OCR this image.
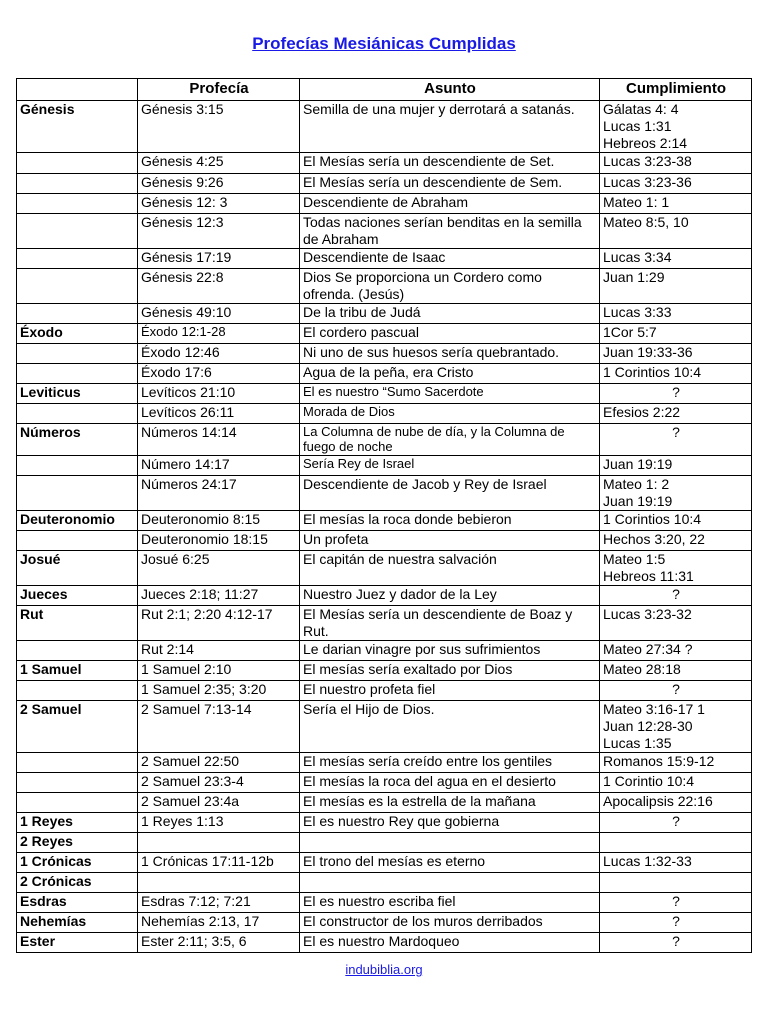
Profecías Mesiánicas Cumplidas
	Profecía	Asunto	Cumplimiento
Génesis	Génesis 3:15	Semilla de una mujer y derrotará a satanás.	Gálatas 4: 4
Lucas 1:31
Hebreos 2:14
	Génesis 4:25	El Mesías sería un descendiente de Set.	Lucas 3:23-38
	Génesis 9:26	El Mesías sería un descendiente de Sem.	Lucas 3:23-36
	Génesis 12: 3	Descendiente de Abraham	Mateo 1: 1
	Génesis 12:3	Todas naciones serían benditas en la semilla de Abraham	Mateo 8:5, 10
	Génesis 17:19	Descendiente de Isaac	Lucas 3:34
	Génesis 22:8	Dios Se proporciona un Cordero como ofrenda. (Jesús)	Juan 1:29
	Génesis 49:10	De la tribu de Judá	Lucas 3:33
Éxodo	Éxodo 12:1-28	El cordero pascual	1Cor 5:7
	Éxodo 12:46	Ni uno de sus huesos sería quebrantado.	Juan 19:33-36
	Éxodo 17:6	Agua de la peña, era Cristo	1 Corintios 10:4
Leviticus	Levíticos 21:10	El es nuestro “Sumo Sacerdote	?
	Levíticos 26:11	Morada de Dios	Efesios 2:22
Números	Números 14:14	La Columna de nube de día, y la Columna de fuego de noche	?
	Número 14:17	Sería Rey de Israel	Juan 19:19
	Números 24:17	Descendiente de Jacob y Rey de Israel	Mateo 1: 2
Juan 19:19
Deuteronomio	Deuteronomio 8:15	El mesías la roca donde bebieron	1 Corintios 10:4
	Deuteronomio 18:15	Un profeta	Hechos 3:20, 22
Josué	Josué 6:25	El capitán de nuestra salvación	Mateo 1:5
Hebreos 11:31
Jueces	Jueces 2:18; 11:27	Nuestro Juez y dador de la Ley	?
Rut	Rut 2:1; 2:20 4:12-17	El Mesías sería un descendiente de Boaz y Rut.	Lucas 3:23-32
	Rut 2:14	Le darian vinagre por sus sufrimientos	Mateo 27:34 ?
1 Samuel	1 Samuel 2:10	El mesías sería exaltado por Dios	Mateo 28:18
	1 Samuel 2:35; 3:20	El nuestro profeta fiel	?
2 Samuel	2 Samuel 7:13-14	Sería el Hijo de Dios.	Mateo 3:16-17 1
Juan 12:28-30
Lucas 1:35
	2 Samuel 22:50	El mesías sería creído entre los gentiles	Romanos 15:9-12
	2 Samuel 23:3-4	El mesías la roca del agua en el desierto	1 Corintio 10:4
	2 Samuel 23:4a	El mesías es la estrella de la mañana	Apocalipsis 22:16
1 Reyes	1 Reyes 1:13	El es nuestro Rey que gobierna	?
2 Reyes			
1 Crónicas	1 Crónicas 17:11-12b	El trono del mesías es eterno	Lucas 1:32-33
2 Crónicas			
Esdras	Esdras 7:12; 7:21	El es nuestro escriba fiel	?
Nehemías	Nehemías 2:13, 17	El constructor de los muros derribados	?
Ester	Ester 2:11; 3:5, 6	El es nuestro Mardoqueo	?
indubiblia.org
